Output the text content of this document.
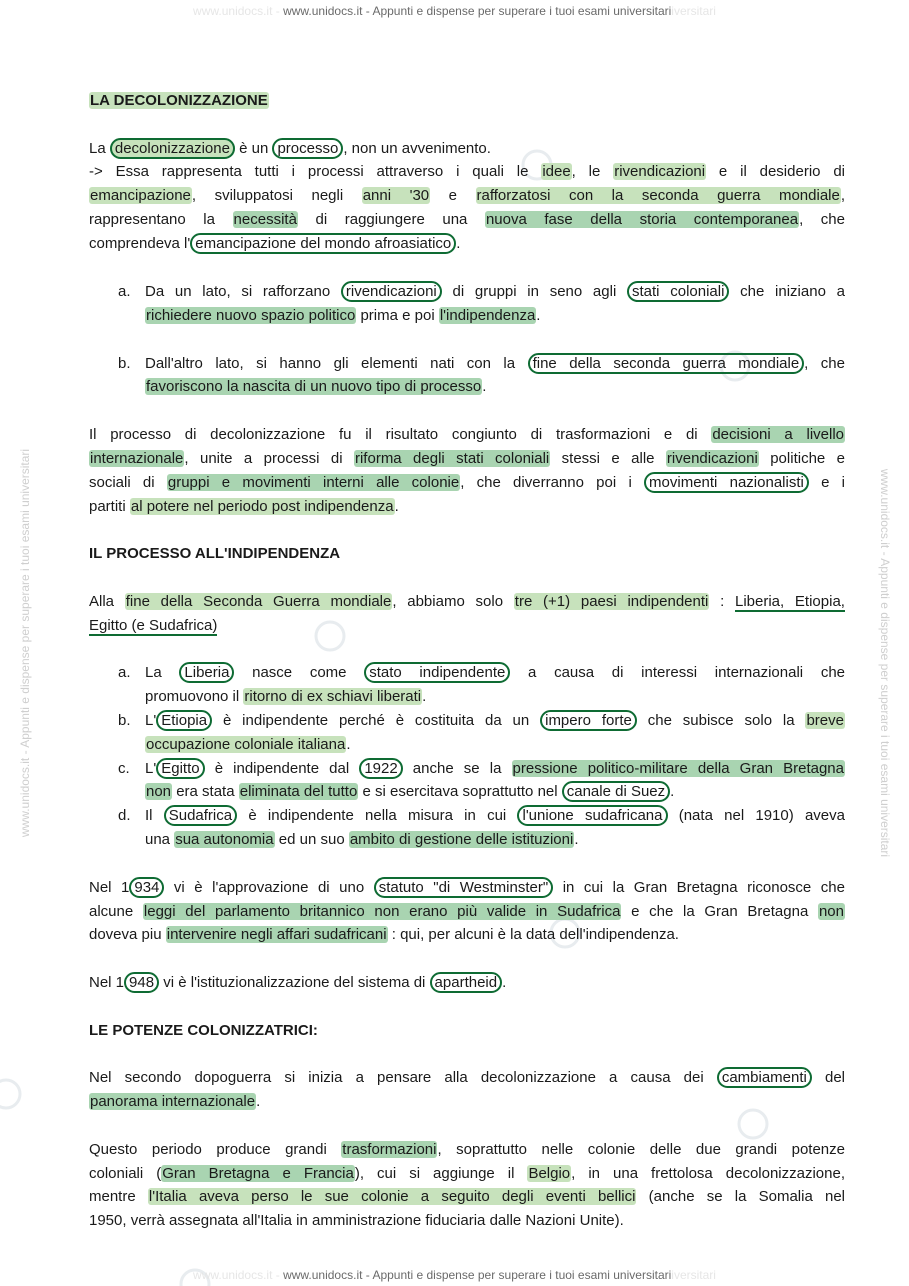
www.unidocs.it - Appunti e dispense per superare i tuoi esami universitari	www.unidocs.it - Appunti e dispense per superare i tuoi esami universitari
www.unidocs.it - www.unidocs.it - Appunti e dispense per superare i tuoi esami universitariiversitari
LA DECOLONIZZAZIONE
La decolonizzazione è un processo , non un avvenimento.
-> Essa rappresenta tutti i processi attraverso i quali le idee, le rivendicazioni e il desiderio di
emancipazione, sviluppatosi negli anni '30 e rafforzatosi con la seconda guerra mondiale,
rappresentano la necessità di raggiungere una nuova fase della storia contemporanea, che
comprendeva l' emancipazione del mondo afroasiatico .
a. Da un lato, si rafforzano rivendicazioni di gruppi in seno agli stati coloniali che iniziano a
richiedere nuovo spazio politico prima e poi l'indipendenza.
b. Dall'altro lato, si hanno gli elementi nati con la fine della seconda guerra mondiale , che
favoriscono la nascita di un nuovo tipo di processo.
Il processo di decolonizzazione fu il risultato congiunto di trasformazioni e di decisioni a livello
internazionale, unite a processi di riforma degli stati coloniali stessi e alle rivendicazioni politiche e
sociali di gruppi e movimenti interni alle colonie, che diverranno poi i movimenti nazionalisti e i
partiti al potere nel periodo post indipendenza.
IL PROCESSO ALL'INDIPENDENZA
Alla fine della Seconda Guerra mondiale, abbiamo solo tre (+1) paesi indipendenti : Liberia, Etiopia,
Egitto (e Sudafrica)
a. La Liberia nasce come stato indipendente a causa di interessi internazionali che
promuovono il ritorno di ex schiavi liberati.
b. L' Etiopia è indipendente perché è costituita da un impero forte che subisce solo la breve
occupazione coloniale italiana.
c.	L' Egitto è indipendente dal 1922 anche se la pressione politico-militare della Gran Bretagna
non era stata eliminata del tutto e si esercitava soprattutto nel canale di Suez .
d. Il Sudafrica è indipendente nella misura in cui l'unione sudafricana (nata nel 1910) aveva
una sua autonomia ed un suo ambito di gestione delle istituzioni.
Nel 1 934 vi è l'approvazione di uno statuto "di Westminster" in cui la Gran Bretagna riconosce che
alcune leggi del parlamento britannico non erano più valide in Sudafrica e che la Gran Bretagna non
doveva piu intervenire negli affari sudafricani : qui, per alcuni è la data dell'indipendenza.
Nel 1 948 vi è l'istituzionalizzazione del sistema di apartheid .
LE POTENZE COLONIZZATRICI:
Nel secondo dopoguerra si inizia a pensare alla decolonizzazione a causa dei cambiamenti del
panorama internazionale.
Questo periodo produce grandi trasformazioni, soprattutto nelle colonie delle due grandi potenze
coloniali (Gran Bretagna e Francia), cui si aggiunge il Belgio, in una frettolosa decolonizzazione,
mentre l'Italia aveva perso le sue colonie a seguito degli eventi bellici (anche se la Somalia nel
1950, verrà assegnata all'Italia in amministrazione fiduciaria dalle Nazioni Unite).
www.unidocs.it - www.unidocs.it - Appunti e dispense per superare i tuoi esami universitariiversitari
